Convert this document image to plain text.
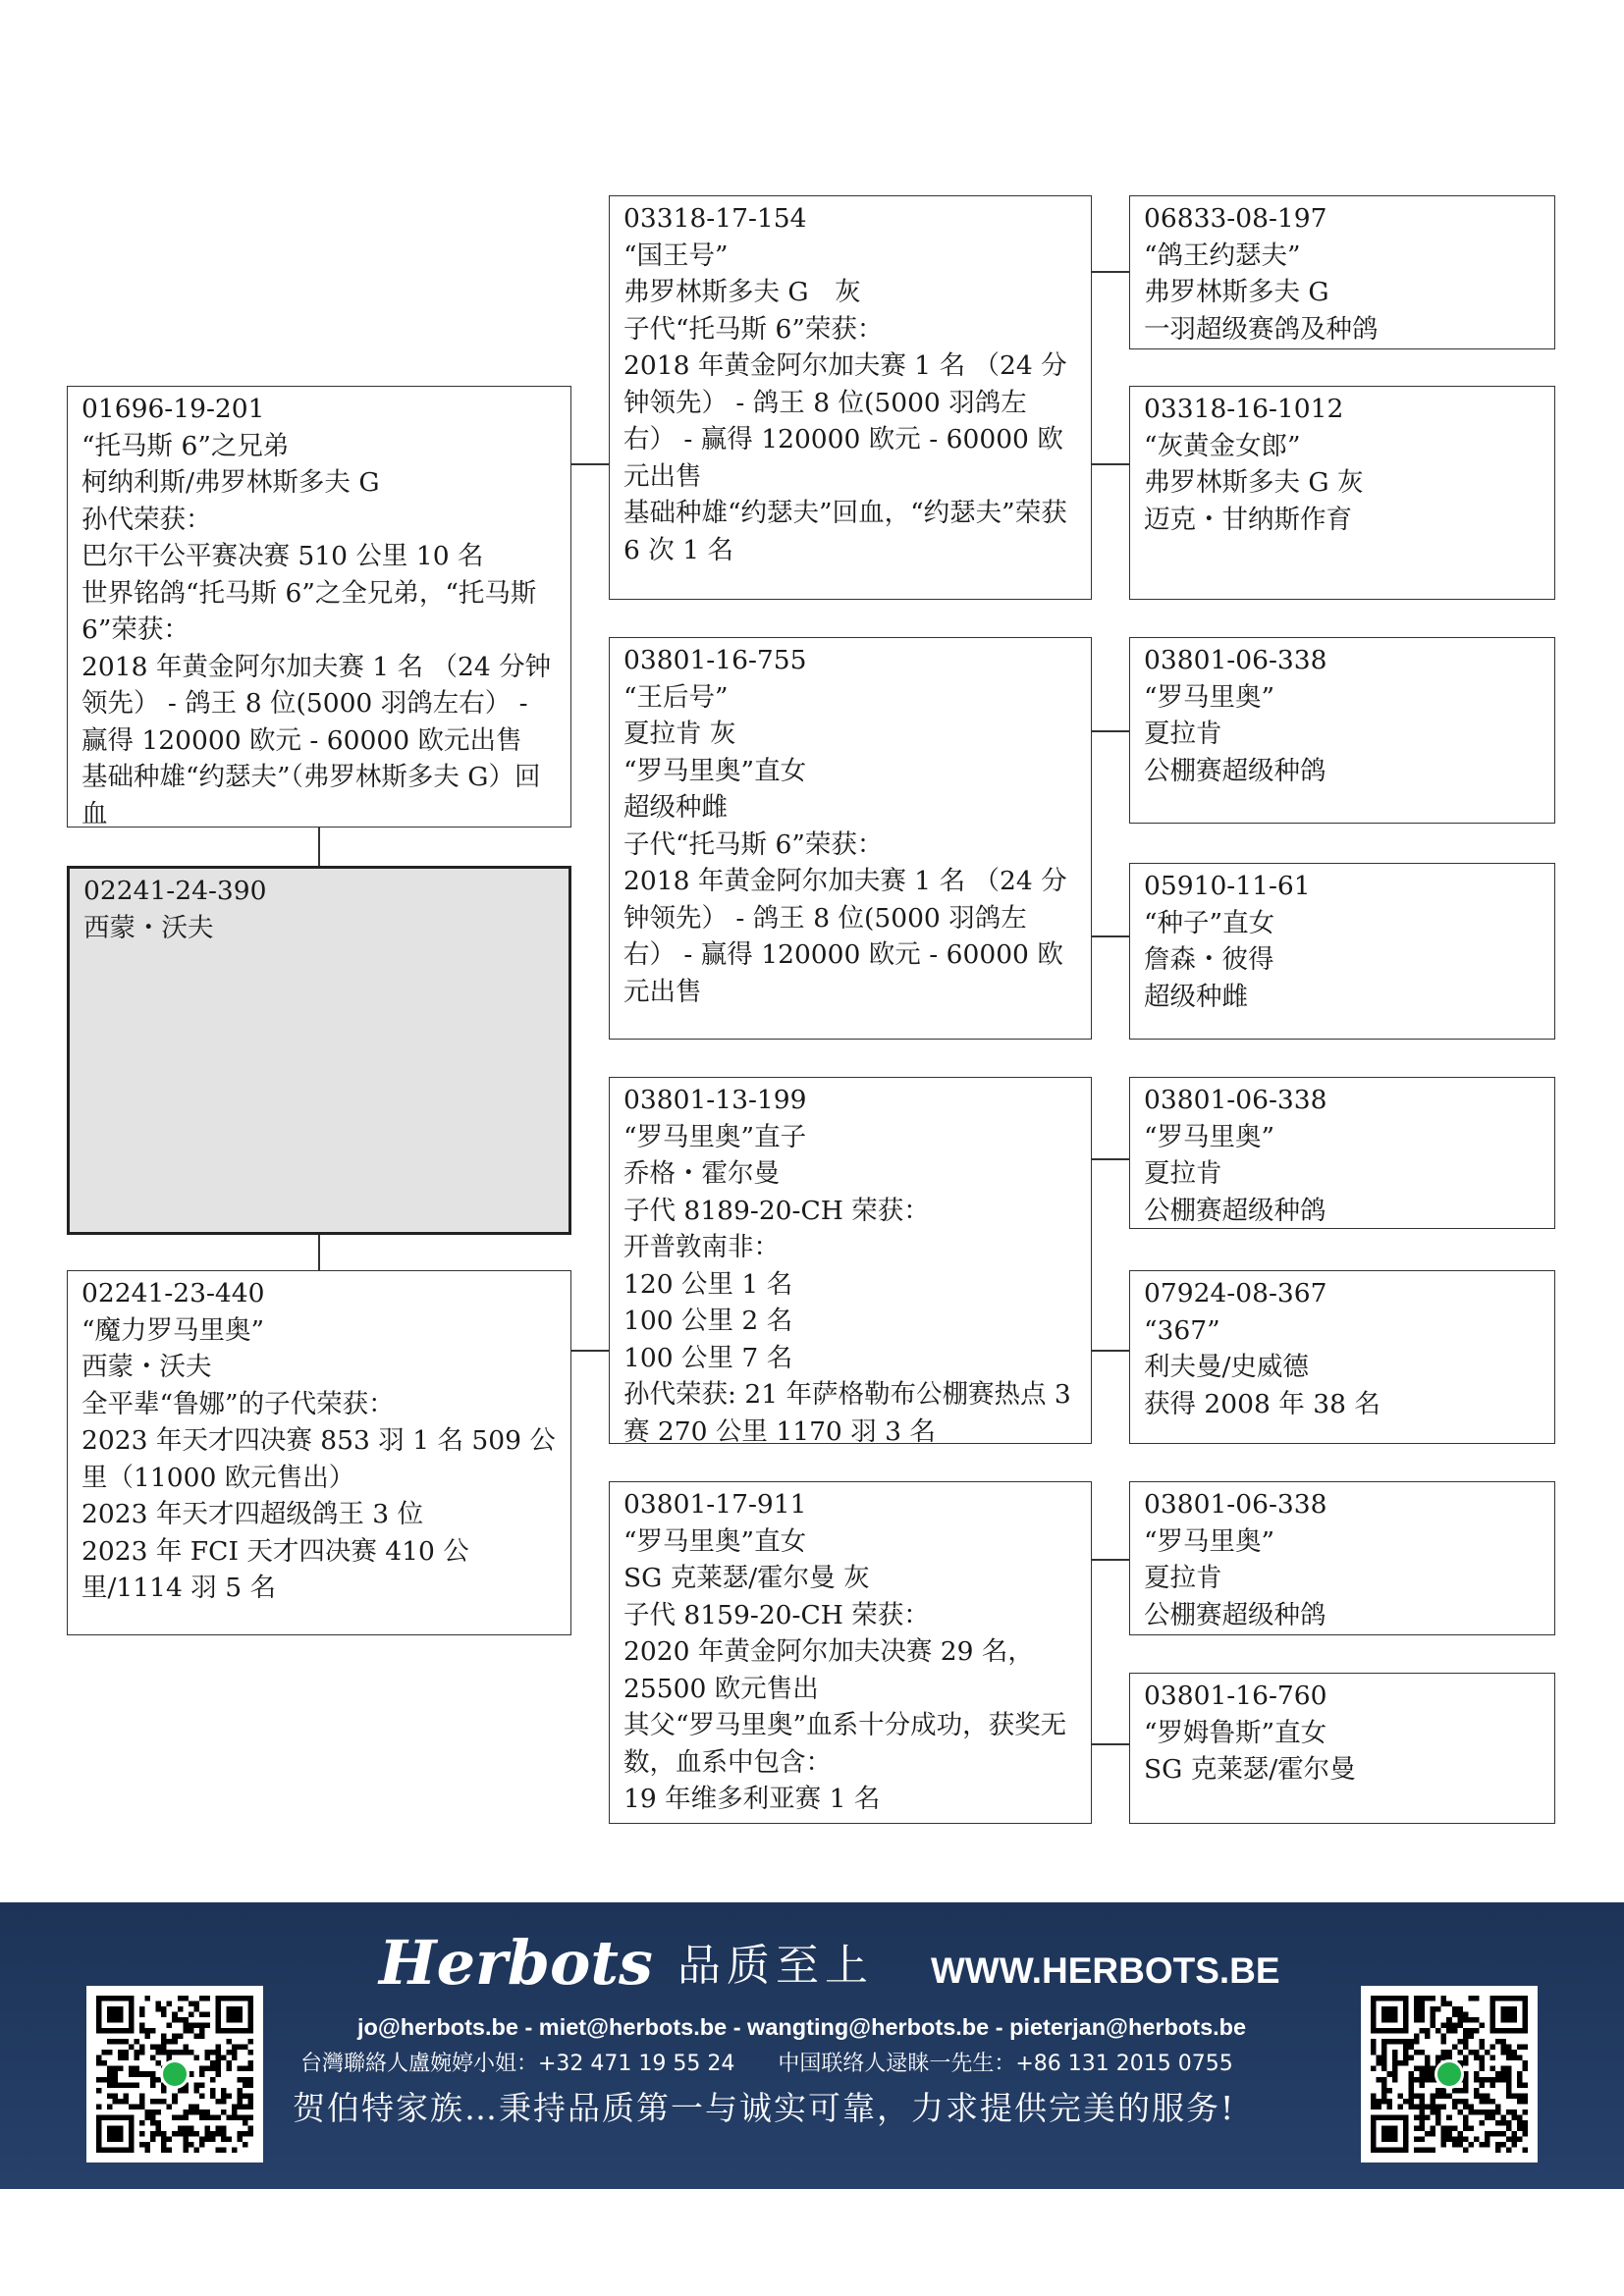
01696-19-201
“托马斯 6”之兄弟
柯纳利斯/弗罗林斯多夫 G
孙代荣获：
巴尔干公平赛决赛 510 公里 10 名
世界铭鸽“托马斯 6”之全兄弟，“托马斯 6”荣获：
2018 年黄金阿尔加夫赛 1 名 （24 分钟领先） - 鸽王 8 位(5000 羽鸽左右） - 赢得 120000 欧元 - 60000 欧元出售
基础种雄“约瑟夫”（弗罗林斯多夫 G）回血
02241-24-390
西蒙・沃夫
02241-23-440
“魔力罗马里奥”
西蒙・沃夫
全平辈“鲁娜”的子代荣获：
2023 年天才四决赛 853 羽 1 名 509 公里（11000 欧元售出）
2023 年天才四超级鸽王 3 位
2023 年 FCI 天才四决赛 410 公里/1114 羽 5 名
03318-17-154
“国王号”
弗罗林斯多夫 G　灰
子代“托马斯 6”荣获：
2018 年黄金阿尔加夫赛 1 名 （24 分钟领先） - 鸽王 8 位(5000 羽鸽左右） - 赢得 120000 欧元 - 60000 欧元出售
基础种雄“约瑟夫”回血，“约瑟夫”荣获 6 次 1 名
03801-16-755
“王后号”
夏拉肯 灰
“罗马里奥”直女
超级种雌
子代“托马斯 6”荣获：
2018 年黄金阿尔加夫赛 1 名 （24 分钟领先） - 鸽王 8 位(5000 羽鸽左右） - 赢得 120000 欧元 - 60000 欧元出售
03801-13-199
“罗马里奥”直子
乔格・霍尔曼
子代 8189-20-CH 荣获：
开普敦南非：
120 公里 1 名
100 公里 2 名
100 公里 7 名
孙代荣获: 21 年萨格勒布公棚赛热点 3 赛 270 公里 1170 羽 3 名
03801-17-911
“罗马里奥”直女
SG 克莱瑟/霍尔曼 灰
子代 8159-20-CH 荣获：
2020 年黄金阿尔加夫决赛 29 名，25500 欧元售出
其父“罗马里奥”血系十分成功，获奖无数，血系中包含：
19 年维多利亚赛 1 名
06833-08-197
“鸽王约瑟夫”
弗罗林斯多夫 G
一羽超级赛鸽及种鸽
03318-16-1012
“灰黄金女郎”
弗罗林斯多夫 G 灰
迈克・甘纳斯作育
03801-06-338
“罗马里奥”
夏拉肯
公棚赛超级种鸽
05910-11-61
“种子”直女
詹森・彼得
超级种雌
03801-06-338
“罗马里奥”
夏拉肯
公棚赛超级种鸽
07924-08-367
“367”
利夫曼/史威德
获得 2008 年 38 名
03801-06-338
“罗马里奥”
夏拉肯
公棚赛超级种鸽
03801-16-760
“罗姆鲁斯”直女
SG 克莱瑟/霍尔曼
Herbots 品质至上 WWW.HERBOTS.BE
jo@herbots.be - miet@herbots.be - wangting@herbots.be - pieterjan@herbots.be
台灣聯絡人盧婉婷小姐：+32 471 19 55 24　　中国联络人逯睐一先生：+86 131 2015 0755
贺伯特家族…秉持品质第一与诚实可靠，力求提供完美的服务!
